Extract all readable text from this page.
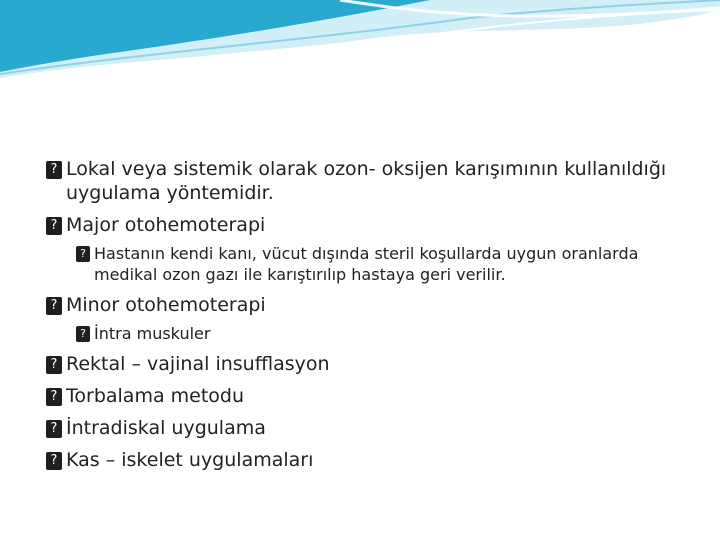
? Lokal veya sistemik olarak ozon- oksijen karışımının kullanıldığı uygulama yöntemidir.

? Major otohemoterapi

? Hastanın kendi kanı, vücut dışında steril koşullarda uygun oranlarda medikal ozon gazı ile karıştırılıp hastaya geri verilir.

? Minor otohemoterapi

? İntra muskuler

? Rektal – vajinal insufflasyon

? Torbalama metodu

? İntradiskal uygulama

? Kas – iskelet uygulamaları
